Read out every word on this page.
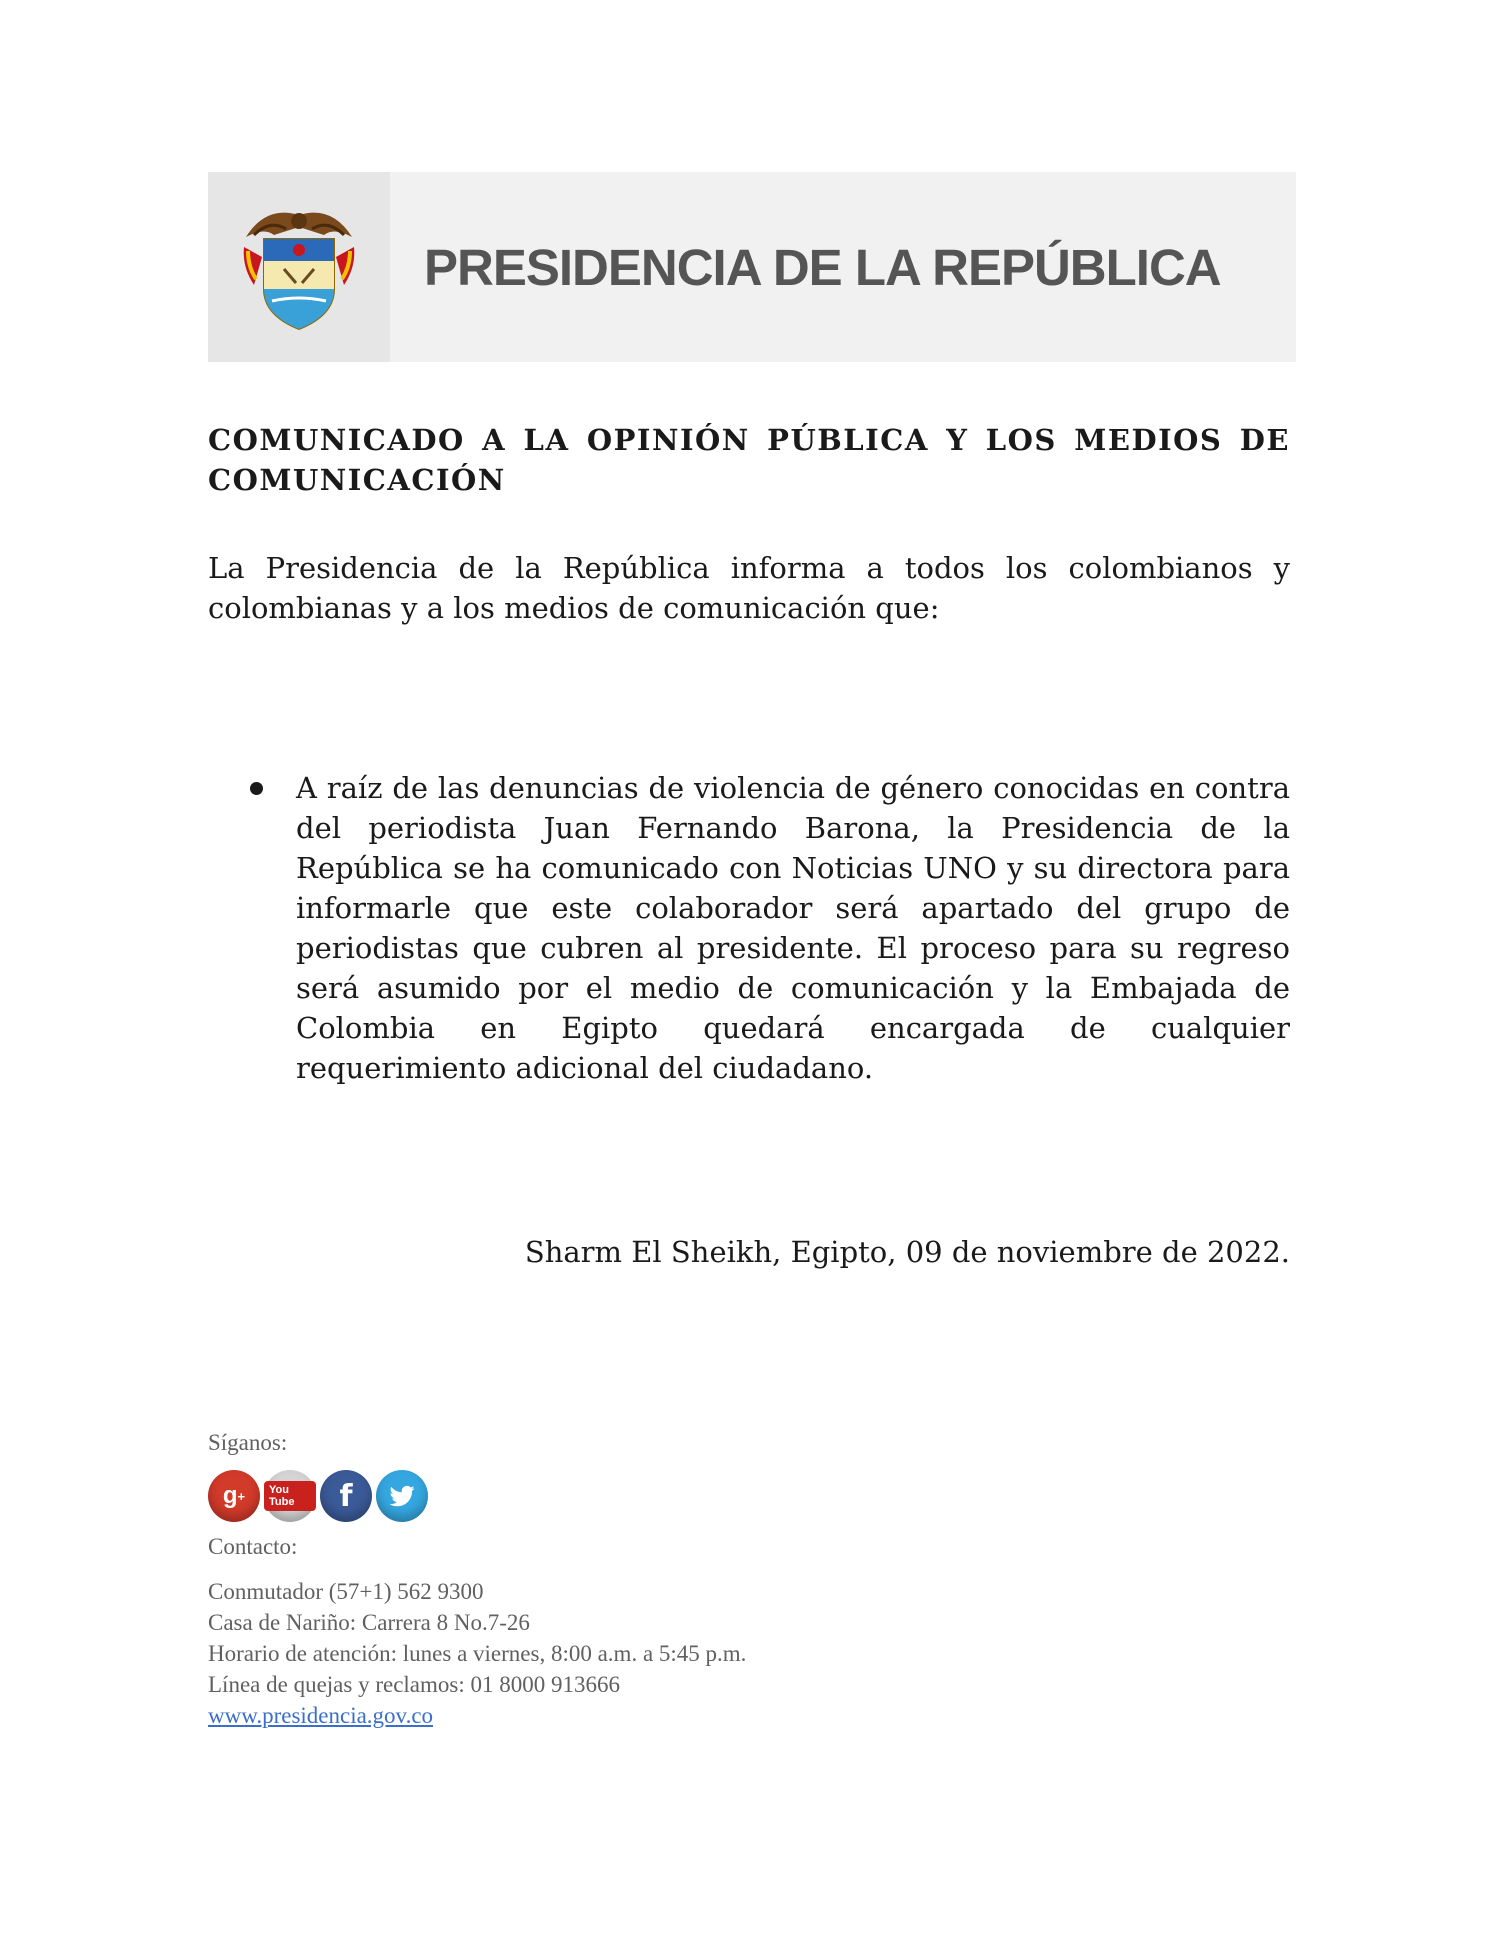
PRESIDENCIA DE LA REPÚBLICA

COMUNICADO A LA OPINIÓN PÚBLICA Y LOS MEDIOS DE COMUNICACIÓN

La Presidencia de la República informa a todos los colombianos y colombianas y a los medios de comunicación que:

A raíz de las denuncias de violencia de género conocidas en contra del periodista Juan Fernando Barona, la Presidencia de la República se ha comunicado con Noticias UNO y su directora para informarle que este colaborador será apartado del grupo de periodistas que cubren al presidente. El proceso para su regreso será asumido por el medio de comunicación y la Embajada de Colombia en Egipto quedará encargada de cualquier requerimiento adicional del ciudadano.

Sharm El Sheikh, Egipto, 09 de noviembre de 2022.

Síganos:

g +	You Tube	f

Contacto:

Conmutador (57+1) 562 9300
Casa de Nariño: Carrera 8 No.7-26
Horario de atención: lunes a viernes, 8:00 a.m. a 5:45 p.m.
Línea de quejas y reclamos: 01 8000 913666
www.presidencia.gov.co
